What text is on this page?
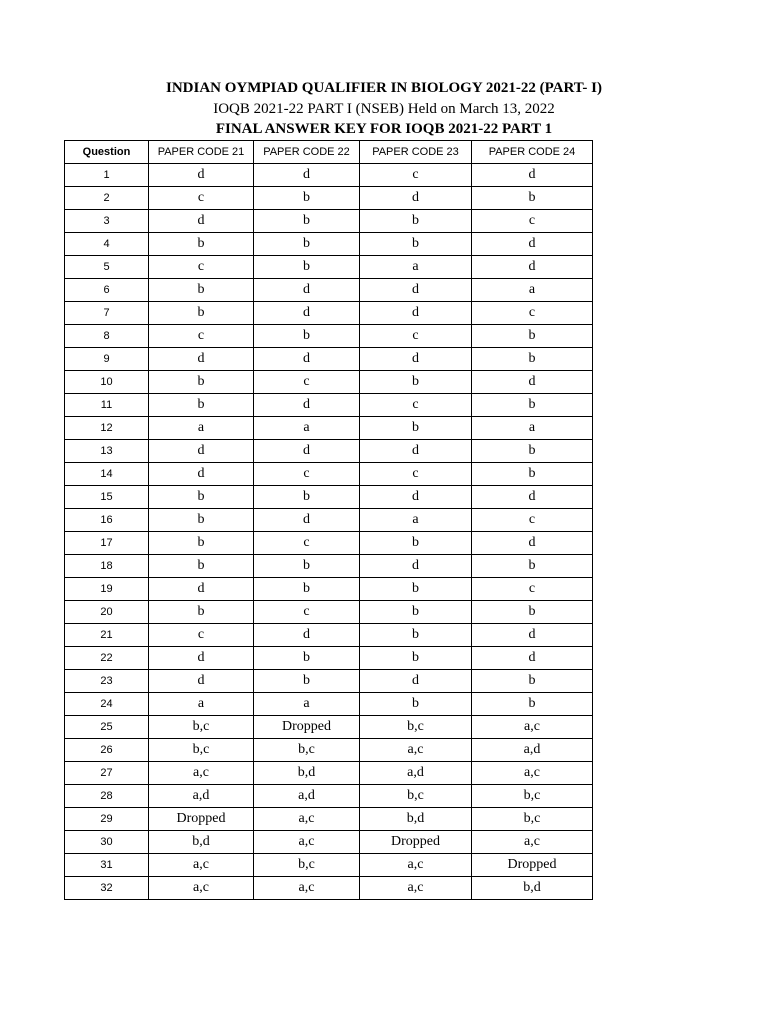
INDIAN OYMPIAD QUALIFIER IN BIOLOGY 2021-22 (PART- I)
IOQB 2021-22 PART I (NSEB) Held on March 13, 2022
FINAL ANSWER KEY FOR IOQB 2021-22 PART 1
Question	PAPER CODE 21	PAPER CODE 22	PAPER CODE 23	PAPER CODE 24
1	d	d	c	d
2	c	b	d	b
3	d	b	b	c
4	b	b	b	d
5	c	b	a	d
6	b	d	d	a
7	b	d	d	c
8	c	b	c	b
9	d	d	d	b
10	b	c	b	d
11	b	d	c	b
12	a	a	b	a
13	d	d	d	b
14	d	c	c	b
15	b	b	d	d
16	b	d	a	c
17	b	c	b	d
18	b	b	d	b
19	d	b	b	c
20	b	c	b	b
21	c	d	b	d
22	d	b	b	d
23	d	b	d	b
24	a	a	b	b
25	b,c	Dropped	b,c	a,c
26	b,c	b,c	a,c	a,d
27	a,c	b,d	a,d	a,c
28	a,d	a,d	b,c	b,c
29	Dropped	a,c	b,d	b,c
30	b,d	a,c	Dropped	a,c
31	a,c	b,c	a,c	Dropped
32	a,c	a,c	a,c	b,d
